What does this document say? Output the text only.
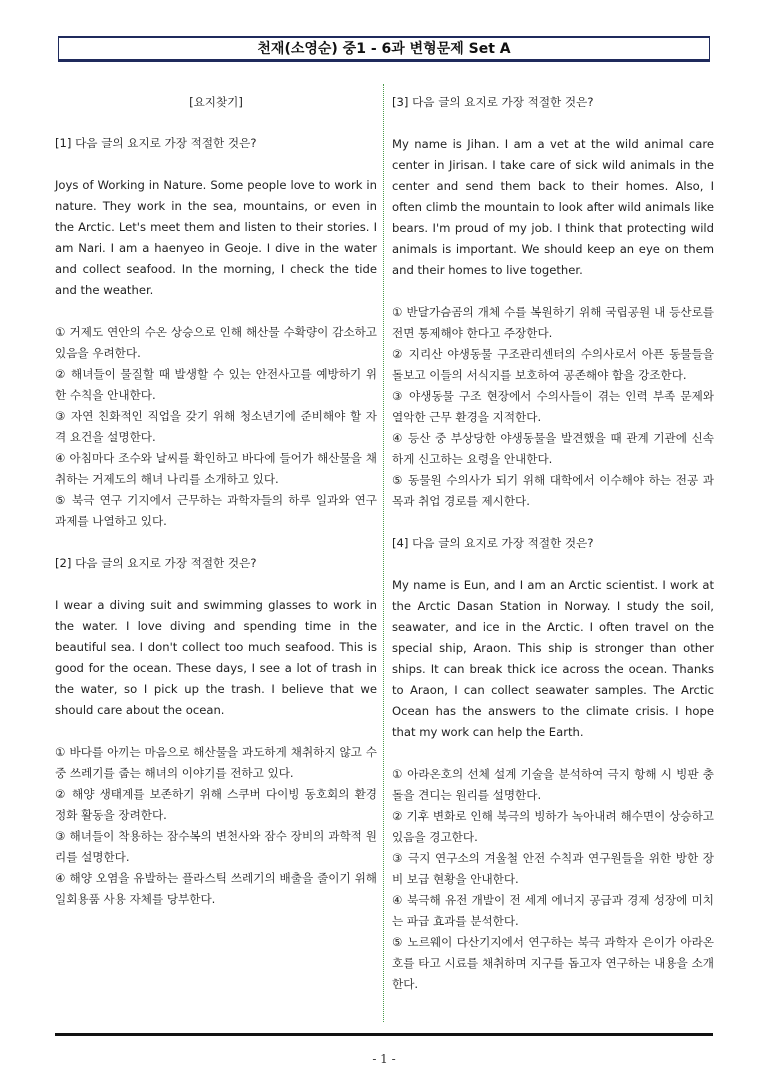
천재(소영순) 중1 - 6과 변형문제 Set A

[요지찾기]

[1] 다음 글의 요지로 가장 적절한 것은?

Joys of Working in Nature. Some people love to work in nature. They work in the sea, mountains, or even in the Arctic. Let's meet them and listen to their stories. I am Nari. I am a haenyeo in Geoje. I dive in the water and collect seafood. In the morning, I check the tide and the weather.

① 거제도 연안의 수온 상승으로 인해 해산물 수확량이 감소하고 있음을 우려한다.

② 해녀들이 물질할 때 발생할 수 있는 안전사고를 예방하기 위한 수칙을 안내한다.

③ 자연 친화적인 직업을 갖기 위해 청소년기에 준비해야 할 자격 요건을 설명한다.

④ 아침마다 조수와 날씨를 확인하고 바다에 들어가 해산물을 채취하는 거제도의 해녀 나리를 소개하고 있다.

⑤ 북극 연구 기지에서 근무하는 과학자들의 하루 일과와 연구 과제를 나열하고 있다.

[2] 다음 글의 요지로 가장 적절한 것은?

I wear a diving suit and swimming glasses to work in the water. I love diving and spending time in the beautiful sea. I don't collect too much seafood. This is good for the ocean. These days, I see a lot of trash in the water, so I pick up the trash. I believe that we should care about the ocean.

① 바다를 아끼는 마음으로 해산물을 과도하게 채취하지 않고 수중 쓰레기를 줍는 해녀의 이야기를 전하고 있다.

② 해양 생태계를 보존하기 위해 스쿠버 다이빙 동호회의 환경 정화 활동을 장려한다.

③ 해녀들이 착용하는 잠수복의 변천사와 잠수 장비의 과학적 원리를 설명한다.

④ 해양 오염을 유발하는 플라스틱 쓰레기의 배출을 줄이기 위해 일회용품 사용 자체를 당부한다.

[3] 다음 글의 요지로 가장 적절한 것은?

My name is Jihan. I am a vet at the wild animal care center in Jirisan. I take care of sick wild animals in the center and send them back to their homes. Also, I often climb the mountain to look after wild animals like bears. I'm proud of my job. I think that protecting wild animals is important. We should keep an eye on them and their homes to live together.

① 반달가슴곰의 개체 수를 복원하기 위해 국립공원 내 등산로를 전면 통제해야 한다고 주장한다.

② 지리산 야생동물 구조관리센터의 수의사로서 아픈 동물들을 돌보고 이들의 서식지를 보호하여 공존해야 함을 강조한다.

③ 야생동물 구조 현장에서 수의사들이 겪는 인력 부족 문제와 열악한 근무 환경을 지적한다.

④ 등산 중 부상당한 야생동물을 발견했을 때 관계 기관에 신속하게 신고하는 요령을 안내한다.

⑤ 동물원 수의사가 되기 위해 대학에서 이수해야 하는 전공 과목과 취업 경로를 제시한다.

[4] 다음 글의 요지로 가장 적절한 것은?

My name is Eun, and I am an Arctic scientist. I work at the Arctic Dasan Station in Norway. I study the soil, seawater, and ice in the Arctic. I often travel on the special ship, Araon. This ship is stronger than other ships. It can break thick ice across the ocean. Thanks to Araon, I can collect seawater samples. The Arctic Ocean has the answers to the climate crisis. I hope that my work can help the Earth.

① 아라온호의 선체 설계 기술을 분석하여 극지 항해 시 빙판 충돌을 견디는 원리를 설명한다.

② 기후 변화로 인해 북극의 빙하가 녹아내려 해수면이 상승하고 있음을 경고한다.

③ 극지 연구소의 겨울철 안전 수칙과 연구원들을 위한 방한 장비 보급 현황을 안내한다.

④ 북극해 유전 개발이 전 세계 에너지 공급과 경제 성장에 미치는 파급 효과를 분석한다.

⑤ 노르웨이 다산기지에서 연구하는 북극 과학자 은이가 아라온호를 타고 시료를 채취하며 지구를 돕고자 연구하는 내용을 소개한다.

- 1 -
